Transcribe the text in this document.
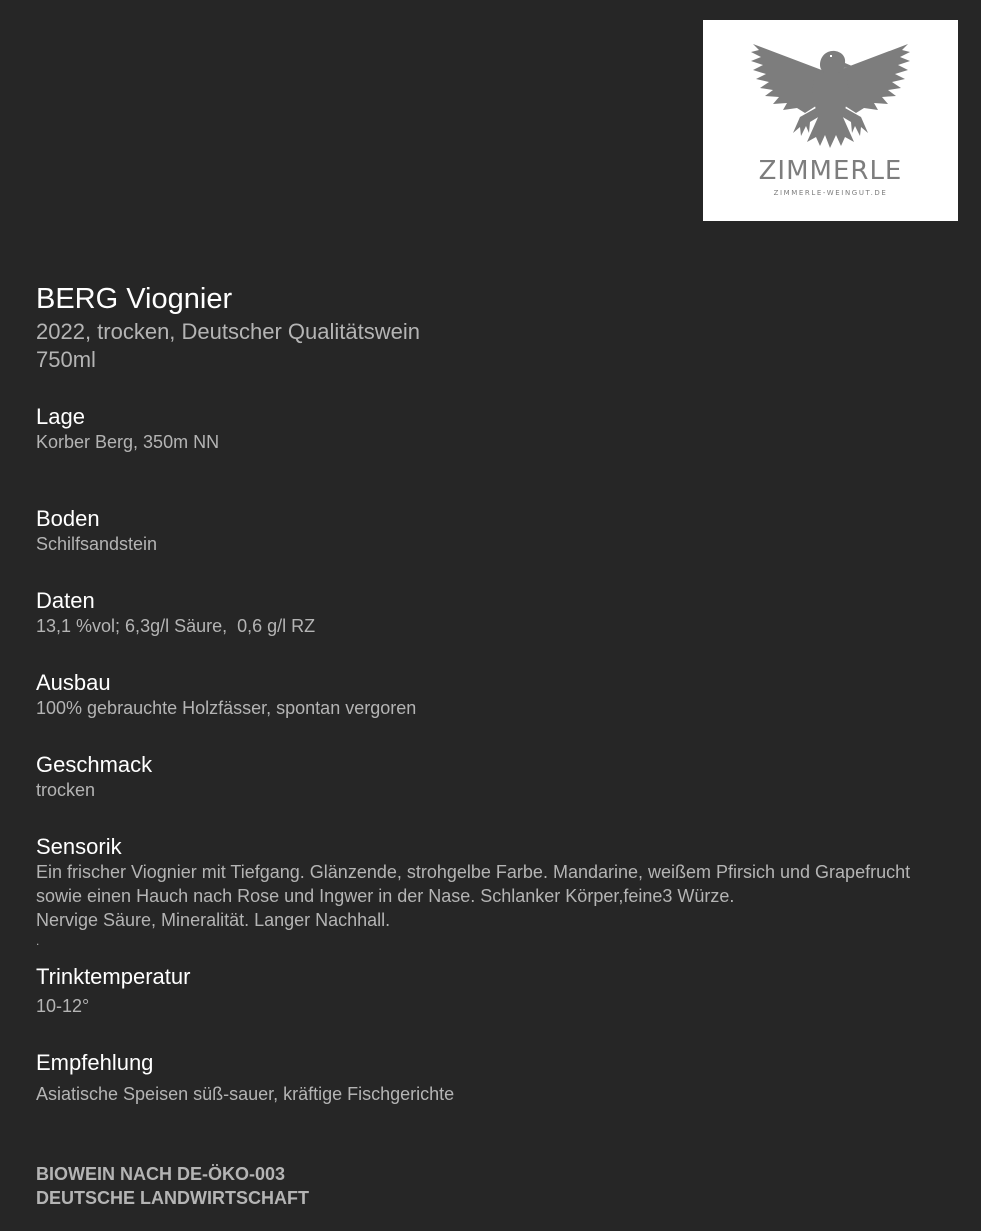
ZIMMERLE
ZIMMERLE-WEINGUT.DE
BERG Viognier
2022, trocken, Deutscher Qualitätswein
750ml
Lage
Korber Berg, 350m NN
Boden
Schilfsandstein
Daten
13,1 %vol; 6,3g/l Säure,  0,6 g/l RZ
Ausbau
100% gebrauchte Holzfässer, spontan vergoren
Geschmack
trocken
Sensorik
Ein frischer Viognier mit Tiefgang. Glänzende, strohgelbe Farbe. Mandarine, weißem Pfirsich und Grapefrucht
sowie einen Hauch nach Rose und Ingwer in der Nase. Schlanker Körper,feine3 Würze.
Nervige Säure, Mineralität. Langer Nachhall.
.
Trinktemperatur
10-12°
Empfehlung
Asiatische Speisen süß-sauer, kräftige Fischgerichte
BIOWEIN NACH DE-ÖKO-003
DEUTSCHE LANDWIRTSCHAFT
